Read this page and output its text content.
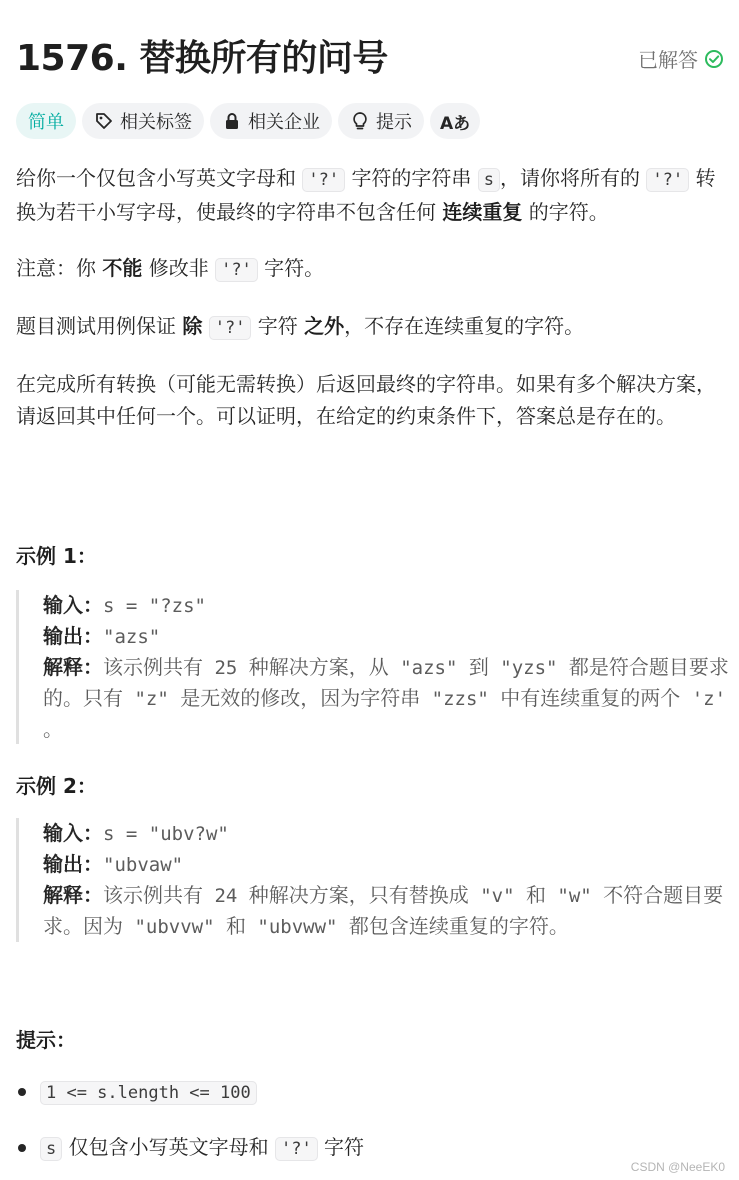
1576. 替换所有的问号	已解答
简单	相关标签	相关企业	提示 Aあ

给你一个仅包含小写英文字母和 '?' 字符的字符串 s ，请你将所有的 '?' 转换为若干小写字母，使最终的字符串不包含任何 连续重复 的字符。

注意：你 不能 修改非 '?' 字符。

题目测试用例保证 除 '?' 字符 之外，不存在连续重复的字符。

在完成所有转换（可能无需转换）后返回最终的字符串。如果有多个解决方案，请返回其中任何一个。可以证明，在给定的约束条件下，答案总是存在的。

示例 1：
输入：s = "?zs"
输出："azs"
解释：该示例共有 25 种解决方案，从 "azs" 到 "yzs" 都是符合题目要求的。只有 "z" 是无效的修改，因为字符串 "zzs" 中有连续重复的两个 'z' 。
示例 2：
输入：s = "ubv?w"
输出："ubvaw"
解释：该示例共有 24 种解决方案，只有替换成 "v" 和 "w" 不符合题目要求。因为 "ubvvw" 和 "ubvww" 都包含连续重复的字符。
提示：
1 <= s.length <= 100
s 仅包含小写英文字母和 '?' 字符
CSDN @NeeEK0
